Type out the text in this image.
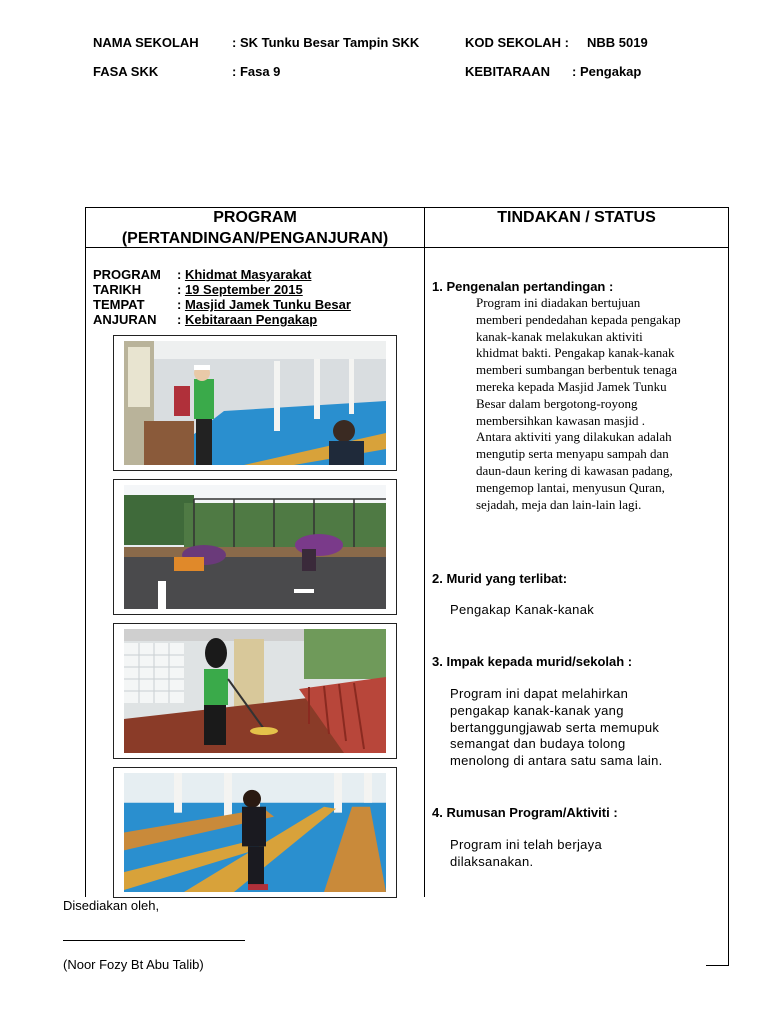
NAMA SEKOLAH	: SK Tunku Besar Tampin SKK	KOD SEKOLAH : NBB 5019
FASA SKK	: Fasa 9	KEBITARAAN : Pengakap
PROGRAM
(PERTANDINGAN/PENGANJURAN)
TINDAKAN / STATUS
PROGRAM : Khidmat Masyarakat
TARIKH	: 19 September 2015
TEMPAT : Masjid Jamek Tunku Besar
ANJURAN : Kebitaraan Pengakap
1. Pengenalan pertandingan :
Program ini diadakan bertujuan
memberi pendedahan kepada pengakap
kanak-kanak melakukan aktiviti
khidmat bakti. Pengakap kanak-kanak
memberi sumbangan berbentuk tenaga
mereka kepada Masjid Jamek Tunku
Besar dalam bergotong-royong
membersihkan kawasan masjid .
Antara aktiviti yang dilakukan adalah
mengutip serta menyapu sampah dan
daun-daun kering di kawasan padang,
mengemop lantai, menyusun Quran,
sejadah, meja dan lain-lain lagi.
2. Murid yang terlibat:
Pengakap Kanak-kanak
3. Impak kepada murid/sekolah :
Program ini dapat melahirkan
pengakap kanak-kanak yang
bertanggungjawab serta memupuk
semangat dan budaya tolong
menolong di antara satu sama lain.
4. Rumusan Program/Aktiviti :
Program ini telah berjaya
dilaksanakan.
Disediakan oleh,
(Noor Fozy Bt Abu Talib)
